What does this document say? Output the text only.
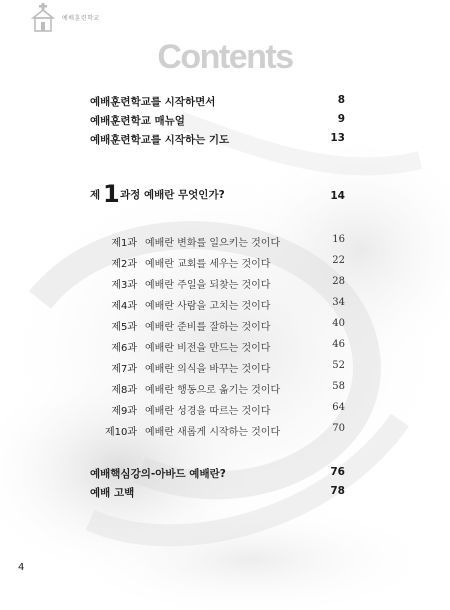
예배훈련학교
Contents
예배훈련학교를 시작하면서	8
예배훈련학교 매뉴얼	9
예배훈련학교를 시작하는 기도	13
제 1 과정 예배란 무엇인가?	14
제1과 예배란 변화를 일으키는 것이다	16
제2과 예배란 교회를 세우는 것이다	22
제3과 예배란 주일을 되찾는 것이다	28
제4과 예배란 사람을 고치는 것이다	34
제5과 예배란 준비를 잘하는 것이다	40
제6과 예배란 비전을 만드는 것이다	46
제7과 예배란 의식을 바꾸는 것이다	52
제8과 예배란 행동으로 옮기는 것이다	58
제9과 예배란 성경을 따르는 것이다	64
제10과 예배란 새롭게 시작하는 것이다	70
예배핵심강의-아바드 예배란?	76
예배 고백	78
4
